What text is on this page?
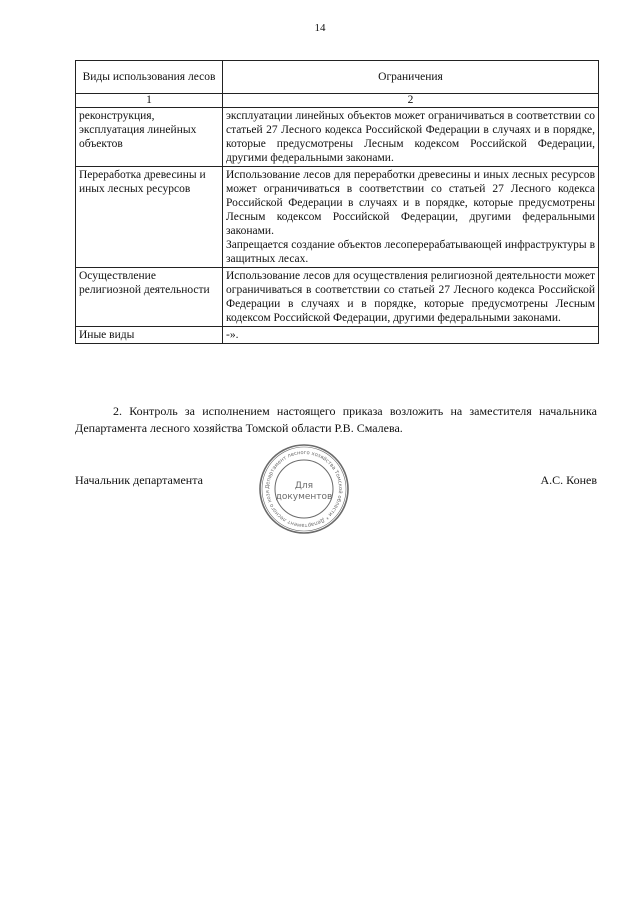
14
Виды использования лесов	Ограничения
1	2
реконструкция, эксплуатация линейных объектов	эксплуатации линейных объектов может ограничиваться в соответствии со статьей 27 Лесного кодекса Российской Федерации в случаях и в порядке, которые предусмотрены Лесным кодексом Российской Федерации, другими федеральными законами.

Переработка древесины и иных лесных ресурсов	Использование лесов для переработки древесины и иных лесных ресурсов может ограничиваться в соответствии со статьей 27 Лесного кодекса Российской Федерации в случаях и в порядке, которые предусмотрены Лесным кодексом Российской Федерации, другими федеральными законами.

Запрещается создание объектов лесоперерабатывающей инфраструктуры в защитных лесах.

Осуществление религиозной деятельности	Использование лесов для осуществления религиозной деятельности может ограничиваться в соответствии со статьей 27 Лесного кодекса Российской Федерации в случаях и в порядке, которые предусмотрены Лесным кодексом Российской Федерации, другими федеральными законами.

Иные виды	-».

2. Контроль за исполнением настоящего приказа возложить на заместителя начальника Департамента лесного хозяйства Томской области Р.В. Смалева.

Начальник департамента	Департамент лесного хозяйства Томской области * Департамент лесного хозя
Для
документов
А.С. Конев
